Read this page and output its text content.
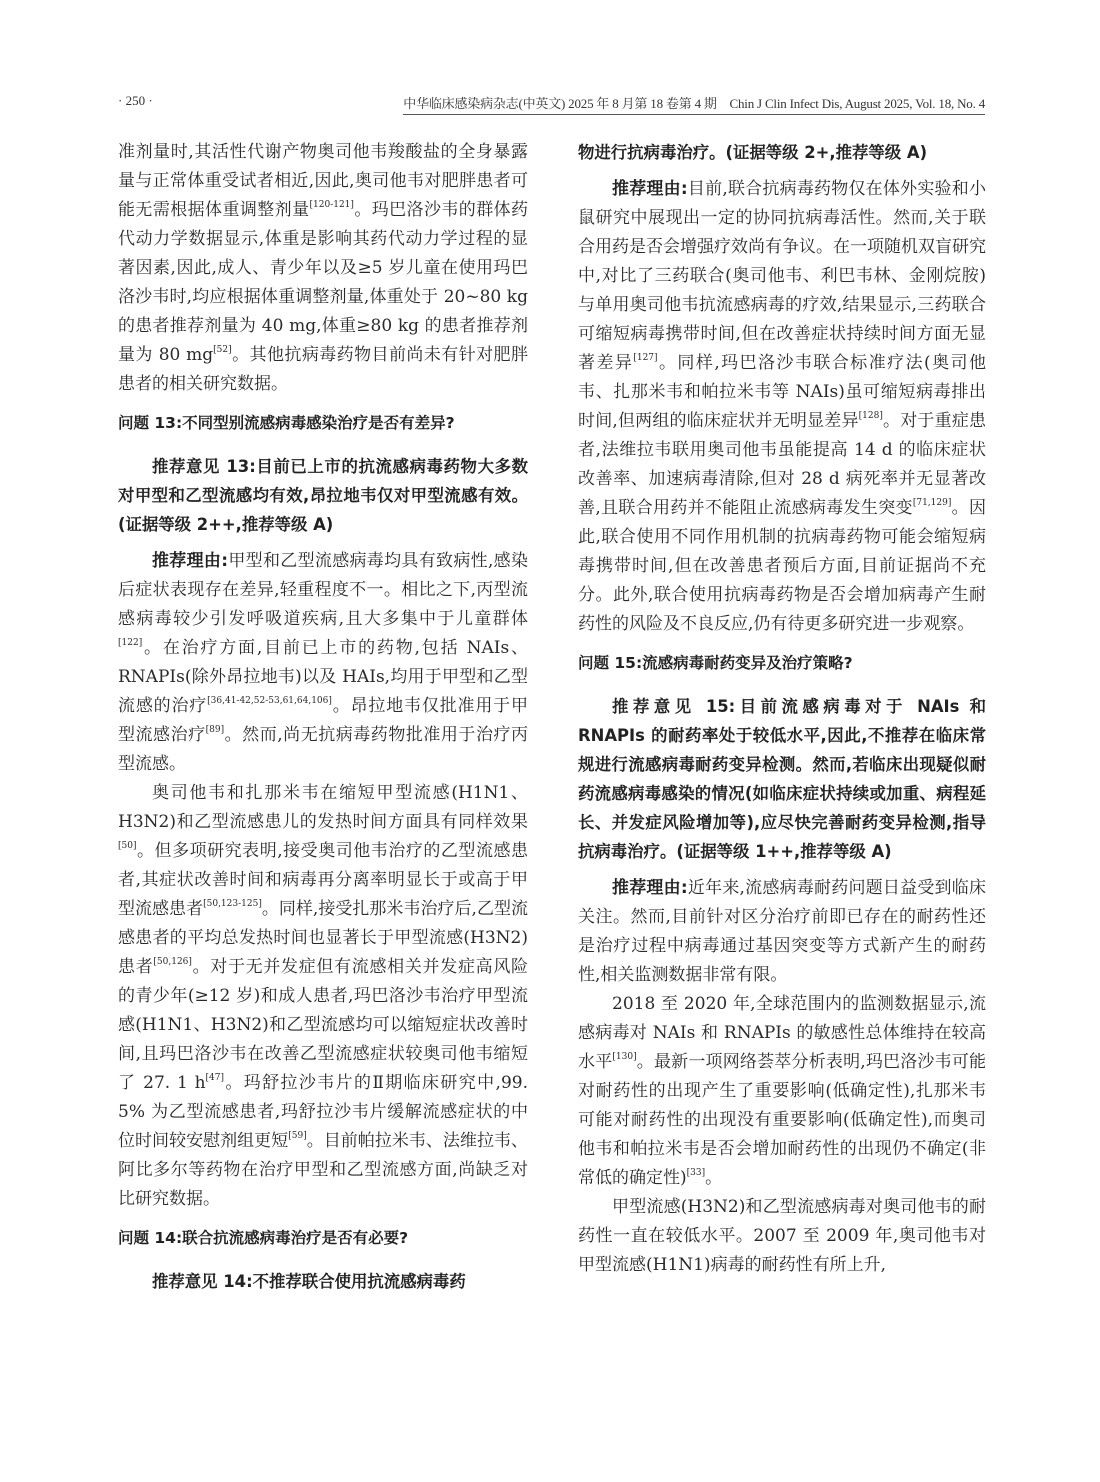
· 250 ·	中华临床感染病杂志(中英文) 2025 年 8 月第 18 卷第 4 期　Chin J Clin Infect Dis, August 2025, Vol. 18, No. 4

准剂量时,其活性代谢产物奥司他韦羧酸盐的全身暴露量与正常体重受试者相近,因此,奥司他韦对肥胖患者可能无需根据体重调整剂量[120-121]。玛巴洛沙韦的群体药代动力学数据显示,体重是影响其药代动力学过程的显著因素,因此,成人、青少年以及≥5 岁儿童在使用玛巴洛沙韦时,均应根据体重调整剂量,体重处于 20~80 kg 的患者推荐剂量为 40 mg,体重≥80 kg 的患者推荐剂量为 80 mg[52]。其他抗病毒药物目前尚未有针对肥胖患者的相关研究数据。

问题 13:不同型别流感病毒感染治疗是否有差异?

推荐意见 13:目前已上市的抗流感病毒药物大多数对甲型和乙型流感均有效,昂拉地韦仅对甲型流感有效。(证据等级 2++,推荐等级 A)

推荐理由:甲型和乙型流感病毒均具有致病性,感染后症状表现存在差异,轻重程度不一。相比之下,丙型流感病毒较少引发呼吸道疾病,且大多集中于儿童群体[122]。在治疗方面,目前已上市的药物,包括 NAIs、RNAPIs(除外昂拉地韦)以及 HAIs,均用于甲型和乙型流感的治疗[36,41-42,52-53,61,64,106]。昂拉地韦仅批准用于甲型流感治疗[89]。然而,尚无抗病毒药物批准用于治疗丙型流感。

奥司他韦和扎那米韦在缩短甲型流感(H1N1、H3N2)和乙型流感患儿的发热时间方面具有同样效果[50]。但多项研究表明,接受奥司他韦治疗的乙型流感患者,其症状改善时间和病毒再分离率明显长于或高于甲型流感患者[50,123-125]。同样,接受扎那米韦治疗后,乙型流感患者的平均总发热时间也显著长于甲型流感(H3N2)患者[50,126]。对于无并发症但有流感相关并发症高风险的青少年(≥12 岁)和成人患者,玛巴洛沙韦治疗甲型流感(H1N1、H3N2)和乙型流感均可以缩短症状改善时间,且玛巴洛沙韦在改善乙型流感症状较奥司他韦缩短了 27. 1 h[47]。玛舒拉沙韦片的Ⅱ期临床研究中,99. 5% 为乙型流感患者,玛舒拉沙韦片缓解流感症状的中位时间较安慰剂组更短[59]。目前帕拉米韦、法维拉韦、阿比多尔等药物在治疗甲型和乙型流感方面,尚缺乏对比研究数据。

问题 14:联合抗流感病毒治疗是否有必要?

推荐意见 14:不推荐联合使用抗流感病毒药

物进行抗病毒治疗。(证据等级 2+,推荐等级 A)

推荐理由:目前,联合抗病毒药物仅在体外实验和小鼠研究中展现出一定的协同抗病毒活性。然而,关于联合用药是否会增强疗效尚有争议。在一项随机双盲研究中,对比了三药联合(奥司他韦、利巴韦林、金刚烷胺)与单用奥司他韦抗流感病毒的疗效,结果显示,三药联合可缩短病毒携带时间,但在改善症状持续时间方面无显著差异[127]。同样,玛巴洛沙韦联合标准疗法(奥司他韦、扎那米韦和帕拉米韦等 NAIs)虽可缩短病毒排出时间,但两组的临床症状并无明显差异[128]。对于重症患者,法维拉韦联用奥司他韦虽能提高 14 d 的临床症状改善率、加速病毒清除,但对 28 d 病死率并无显著改善,且联合用药并不能阻止流感病毒发生突变[71,129]。因此,联合使用不同作用机制的抗病毒药物可能会缩短病毒携带时间,但在改善患者预后方面,目前证据尚不充分。此外,联合使用抗病毒药物是否会增加病毒产生耐药性的风险及不良反应,仍有待更多研究进一步观察。

问题 15:流感病毒耐药变异及治疗策略?

推荐意见 15:目前流感病毒对于 NAIs 和 RNAPIs 的耐药率处于较低水平,因此,不推荐在临床常规进行流感病毒耐药变异检测。然而,若临床出现疑似耐药流感病毒感染的情况(如临床症状持续或加重、病程延长、并发症风险增加等),应尽快完善耐药变异检测,指导抗病毒治疗。(证据等级 1++,推荐等级 A)

推荐理由:近年来,流感病毒耐药问题日益受到临床关注。然而,目前针对区分治疗前即已存在的耐药性还是治疗过程中病毒通过基因突变等方式新产生的耐药性,相关监测数据非常有限。

2018 至 2020 年,全球范围内的监测数据显示,流感病毒对 NAIs 和 RNAPIs 的敏感性总体维持在较高水平[130]。最新一项网络荟萃分析表明,玛巴洛沙韦可能对耐药性的出现产生了重要影响(低确定性),扎那米韦可能对耐药性的出现没有重要影响(低确定性),而奥司他韦和帕拉米韦是否会增加耐药性的出现仍不确定(非常低的确定性)[33]。

甲型流感(H3N2)和乙型流感病毒对奥司他韦的耐药性一直在较低水平。2007 至 2009 年,奥司他韦对甲型流感(H1N1)病毒的耐药性有所上升,
